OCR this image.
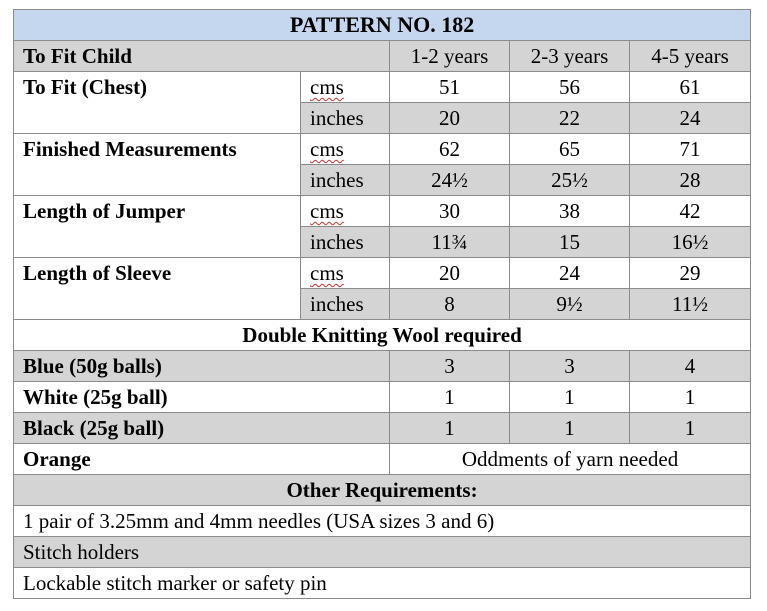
PATTERN NO. 182				
To Fit Child		1-2 years	2-3 years	4-5 years
To Fit (Chest)	cms	51	56	61
	inches	20	22	24
Finished Measurements	cms	62	65	71
	inches	24½	25½	28
Length of Jumper	cms	30	38	42
	inches	11¾	15	16½
Length of Sleeve	cms	20	24	29
	inches	8	9½	11½
Double Knitting Wool required				
Blue (50g balls)		3	3	4
White (25g ball)		1	1	1
Black (25g ball)		1	1	1
Orange		Oddments of yarn needed		
Other Requirements:				
1 pair of 3.25mm and 4mm needles (USA sizes 3 and 6)				
Stitch holders				
Lockable stitch marker or safety pin				
